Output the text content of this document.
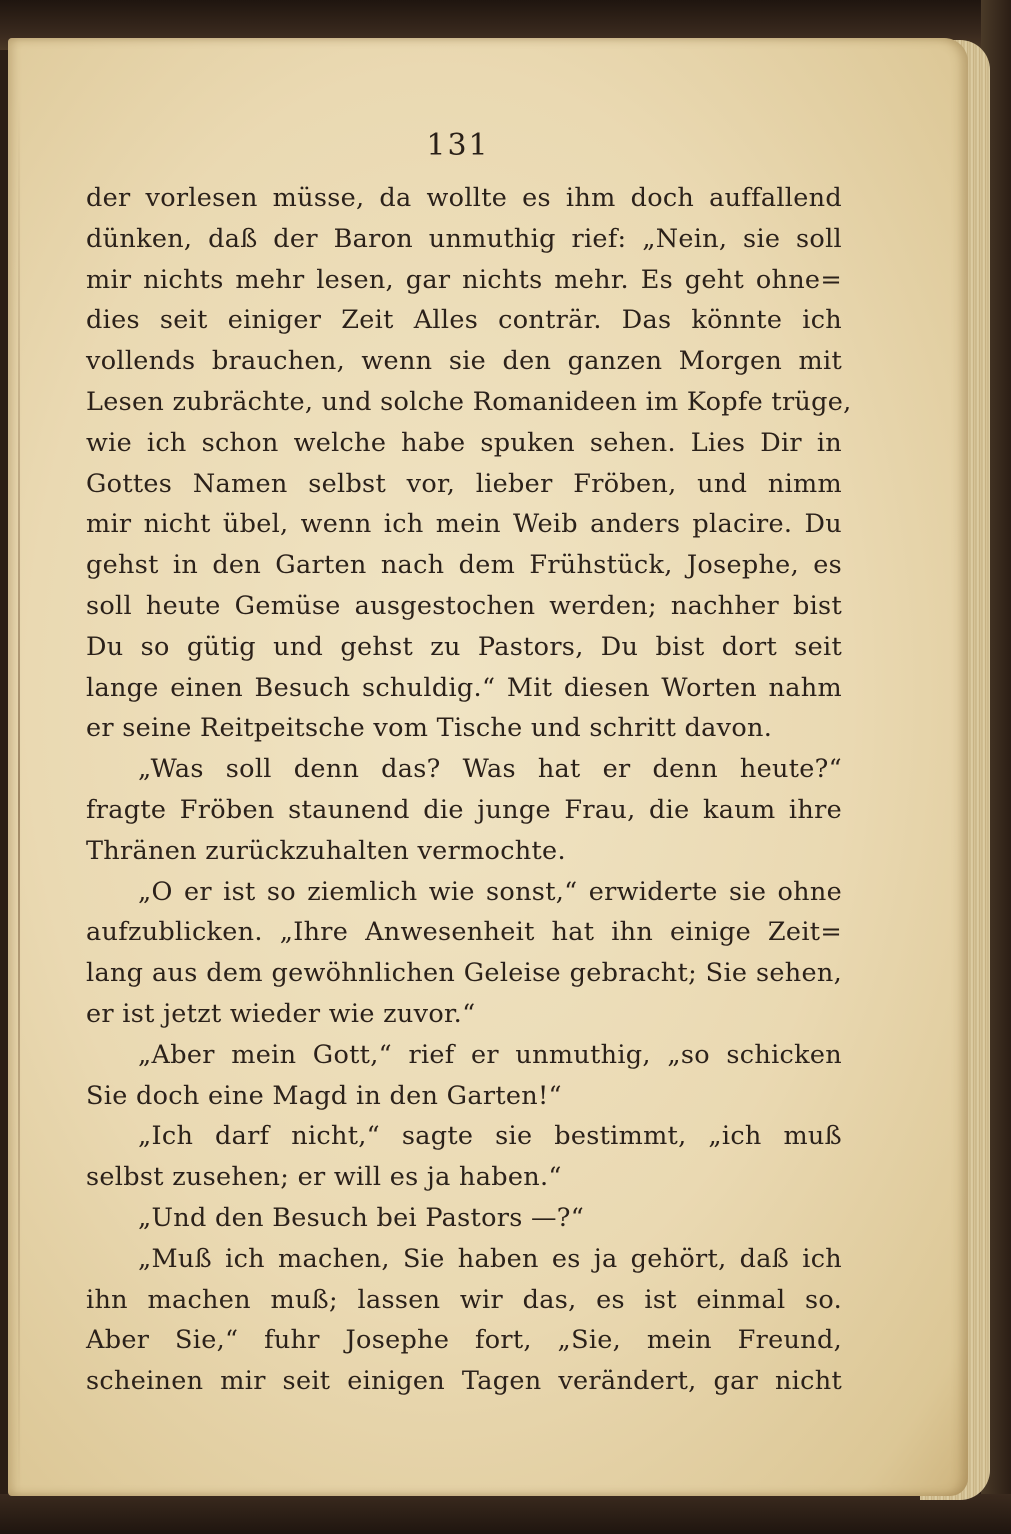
131
der vorlesen müsse, da wollte es ihm doch auffallend
dünken, daß der Baron unmuthig rief: „Nein, sie soll
mir nichts mehr lesen, gar nichts mehr. Es geht ohne=
dies seit einiger Zeit Alles conträr. Das könnte ich
vollends brauchen, wenn sie den ganzen Morgen mit
Lesen zubrächte, und solche Romanideen im Kopfe trüge,
wie ich schon welche habe spuken sehen. Lies Dir in
Gottes Namen selbst vor, lieber Fröben, und nimm
mir nicht übel, wenn ich mein Weib anders placire. Du
gehst in den Garten nach dem Frühstück, Josephe, es
soll heute Gemüse ausgestochen werden; nachher bist
Du so gütig und gehst zu Pastors, Du bist dort seit
lange einen Besuch schuldig.“ Mit diesen Worten nahm
er seine Reitpeitsche vom Tische und schritt davon.
„Was soll denn das? Was hat er denn heute?“
fragte Fröben staunend die junge Frau, die kaum ihre
Thränen zurückzuhalten vermochte.
„O er ist so ziemlich wie sonst,“ erwiderte sie ohne
aufzublicken. „Ihre Anwesenheit hat ihn einige Zeit=
lang aus dem gewöhnlichen Geleise gebracht; Sie sehen,
er ist jetzt wieder wie zuvor.“
„Aber mein Gott,“ rief er unmuthig, „so schicken
Sie doch eine Magd in den Garten!“
„Ich darf nicht,“ sagte sie bestimmt, „ich muß
selbst zusehen; er will es ja haben.“
„Und den Besuch bei Pastors —?“
„Muß ich machen, Sie haben es ja gehört, daß ich
ihn machen muß; lassen wir das, es ist einmal so.
Aber Sie,“ fuhr Josephe fort, „Sie, mein Freund,
scheinen mir seit einigen Tagen verändert, gar nicht
